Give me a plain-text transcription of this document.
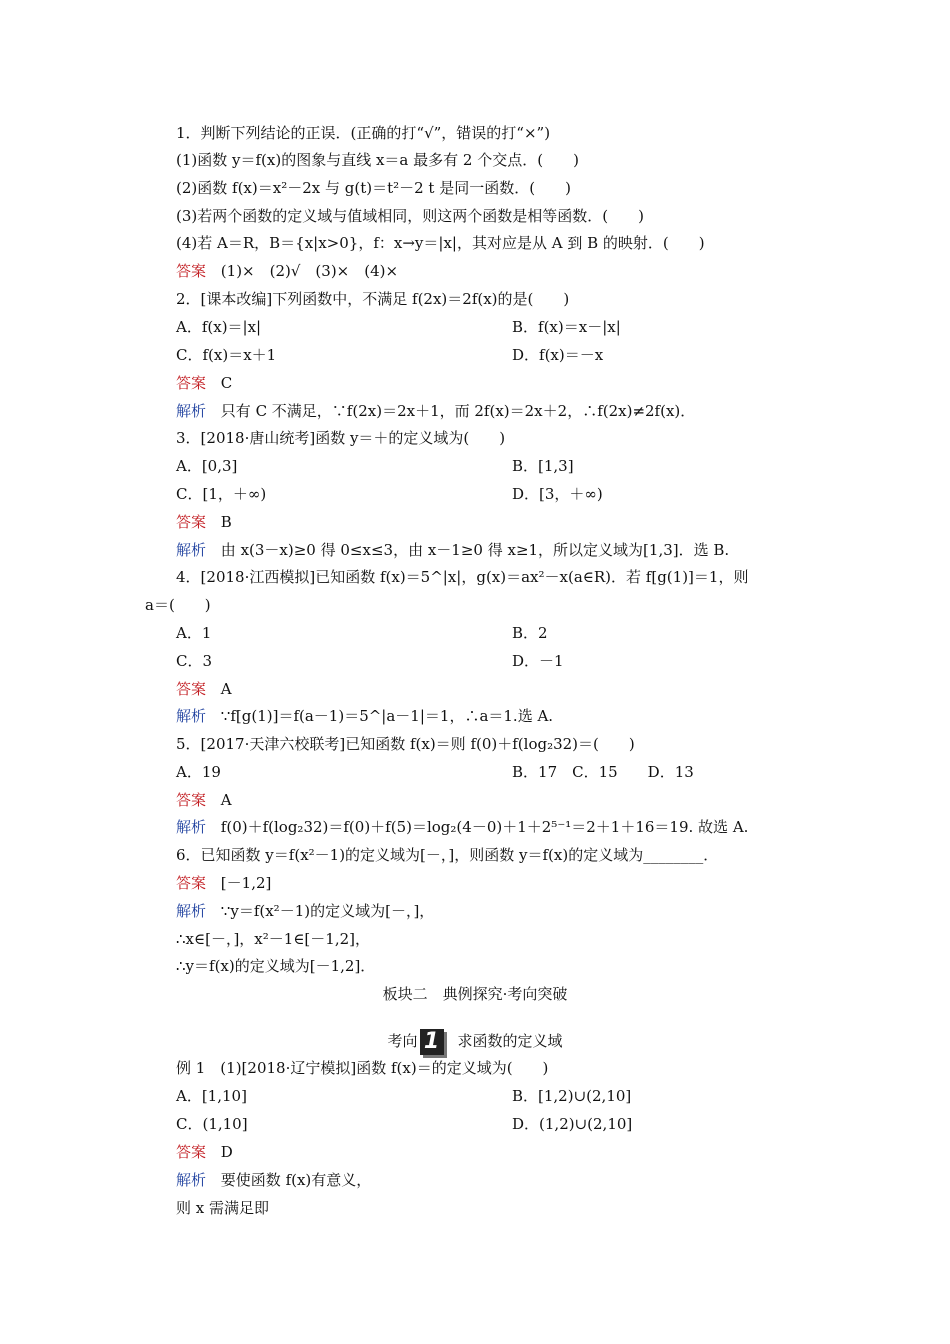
1．判断下列结论的正误．(正确的打“√”，错误的打“×”)
(1)函数 y＝f(x)的图象与直线 x＝a 最多有 2 个交点．(　　)
(2)函数 f(x)＝x²－2x 与 g(t)＝t²－2 t 是同一函数．(　　)
(3)若两个函数的定义域与值域相同，则这两个函数是相等函数．(　　)
(4)若 A＝R，B＝{x|x>0}，f：x→y＝|x|，其对应是从 A 到 B 的映射．(　　)
答案 (1)×　(2)√　(3)×　(4)×
2．[课本改编]下列函数中，不满足 f(2x)＝2f(x)的是(　　)
A．f(x)＝|x|	B．f(x)＝x－|x|
C．f(x)＝x＋1	D．f(x)＝－x
答案 C
解析 只有 C 不满足，∵f(2x)＝2x＋1，而 2f(x)＝2x＋2，∴f(2x)≠2f(x)．
3．[2018·唐山统考]函数 y＝＋的定义域为(　　)
A．[0,3]	B．[1,3]
C．[1，＋∞)	D．[3，＋∞)
答案 B
解析 由 x(3－x)≥0 得 0≤x≤3，由 x－1≥0 得 x≥1，所以定义域为[1,3]．选 B.
4．[2018·江西模拟]已知函数 f(x)＝5^|x|，g(x)＝ax²－x(a∈R)．若 f[g(1)]＝1，则
a＝(　　)
A．1	B．2
C．3	D．－1
答案 A
解析 ∵f[g(1)]＝f(a－1)＝5^|a－1|＝1，∴a＝1.选 A.
5．[2017·天津六校联考]已知函数 f(x)＝则 f(0)＋f(log₂32)＝(　　)
A．19	B．17　C．15　　D．13
答案 A
解析 f(0)＋f(log₂32)＝f(0)＋f(5)＝log₂(4－0)＋1＋2⁵⁻¹＝2＋1＋16＝19. 故选 A.
6．已知函数 y＝f(x²－1)的定义域为[－，]，则函数 y＝f(x)的定义域为________．
答案 [－1,2]
解析 ∵y＝f(x²－1)的定义域为[－，]，
∴x∈[－，]，x²－1∈[－1,2]，
∴y＝f(x)的定义域为[－1,2]．
板块二　典例探究·考向突破
考向 1 求函数的定义域
例 1　(1)[2018·辽宁模拟]函数 f(x)＝的定义域为(　　)
A．[1,10]	B．[1,2)∪(2,10]
C．(1,10]	D．(1,2)∪(2,10]
答案 D
解析 要使函数 f(x)有意义，
则 x 需满足即
